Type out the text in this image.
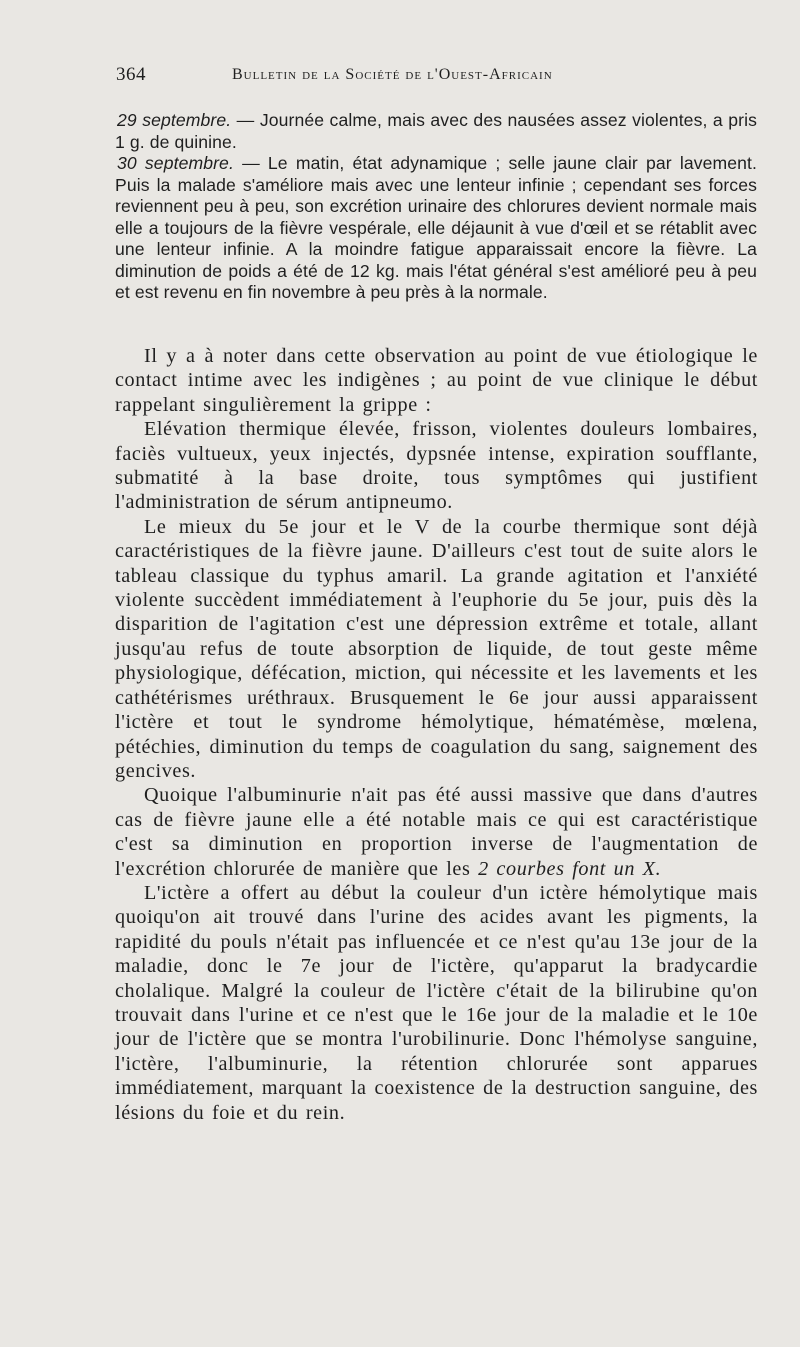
364	Bulletin de la Société de l'Ouest-Africain

29 septembre. — Journée calme, mais avec des nausées assez violentes, a pris 1 g. de quinine.

30 septembre. — Le matin, état adynamique ; selle jaune clair par lavement. Puis la malade s'améliore mais avec une lenteur infinie ; cependant ses forces reviennent peu à peu, son excrétion urinaire des chlorures devient normale mais elle a toujours de la fièvre vespérale, elle déjaunit à vue d'œil et se rétablit avec une lenteur infinie. A la moindre fatigue apparaissait encore la fièvre. La diminution de poids a été de 12 kg. mais l'état général s'est amélioré peu à peu et est revenu en fin novembre à peu près à la normale.

Il y a à noter dans cette observation au point de vue étiologique le contact intime avec les indigènes ; au point de vue clinique le début rappelant singulièrement la grippe :

Elévation thermique élevée, frisson, violentes douleurs lombaires, faciès vultueux, yeux injectés, dypsnée intense, expiration soufflante, submatité à la base droite, tous symptômes qui justifient l'administration de sérum antipneumo.

Le mieux du 5e jour et le V de la courbe thermique sont déjà caractéristiques de la fièvre jaune. D'ailleurs c'est tout de suite alors le tableau classique du typhus amaril. La grande agitation et l'anxiété violente succèdent immédiatement à l'euphorie du 5e jour, puis dès la disparition de l'agitation c'est une dépression extrême et totale, allant jusqu'au refus de toute absorption de liquide, de tout geste même physiologique, défécation, miction, qui nécessite et les lavements et les cathétérismes uréthraux. Brusquement le 6e jour aussi apparaissent l'ictère et tout le syndrome hémolytique, hématémèse, mœlena, pétéchies, diminution du temps de coagulation du sang, saignement des gencives.

Quoique l'albuminurie n'ait pas été aussi massive que dans d'autres cas de fièvre jaune elle a été notable mais ce qui est caractéristique c'est sa diminution en proportion inverse de l'augmentation de l'excrétion chlorurée de manière que les 2 courbes font un X.

L'ictère a offert au début la couleur d'un ictère hémolytique mais quoiqu'on ait trouvé dans l'urine des acides avant les pigments, la rapidité du pouls n'était pas influencée et ce n'est qu'au 13e jour de la maladie, donc le 7e jour de l'ictère, qu'apparut la bradycardie cholalique. Malgré la couleur de l'ictère c'était de la bilirubine qu'on trouvait dans l'urine et ce n'est que le 16e jour de la maladie et le 10e jour de l'ictère que se montra l'urobilinurie. Donc l'hémolyse sanguine, l'ictère, l'albuminurie, la rétention chlorurée sont apparues immédiatement, marquant la coexistence de la destruction sanguine, des lésions du foie et du rein.
